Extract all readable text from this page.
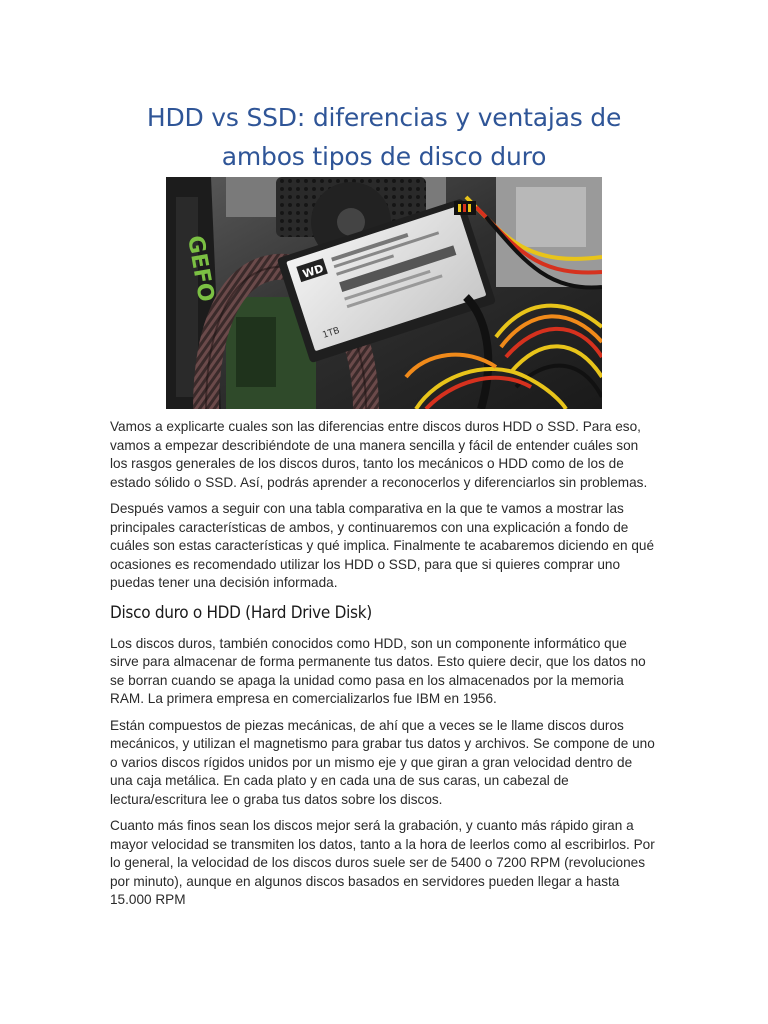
HDD vs SSD: diferencias y ventajas de
ambos tipos de disco duro
GEFO	WD
1TB

Vamos a explicarte cuales son las diferencias entre discos duros HDD o SSD. Para eso, vamos a empezar describiéndote de una manera sencilla y fácil de entender cuáles son los rasgos generales de los discos duros, tanto los mecánicos o HDD como de los de estado sólido o SSD. Así, podrás aprender a reconocerlos y diferenciarlos sin problemas.

Después vamos a seguir con una tabla comparativa en la que te vamos a mostrar las principales características de ambos, y continuaremos con una explicación a fondo de cuáles son estas características y qué implica. Finalmente te acabaremos diciendo en qué ocasiones es recomendado utilizar los HDD o SSD, para que si quieres comprar uno puedas tener una decisión informada.

Disco duro o HDD (Hard Drive Disk)

Los discos duros, también conocidos como HDD, son un componente informático que sirve para almacenar de forma permanente tus datos. Esto quiere decir, que los datos no se borran cuando se apaga la unidad como pasa en los almacenados por la memoria RAM. La primera empresa en comercializarlos fue IBM en 1956.

Están compuestos de piezas mecánicas, de ahí que a veces se le llame discos duros mecánicos, y utilizan el magnetismo para grabar tus datos y archivos. Se compone de uno o varios discos rígidos unidos por un mismo eje y que giran a gran velocidad dentro de una caja metálica. En cada plato y en cada una de sus caras, un cabezal de lectura/escritura lee o graba tus datos sobre los discos.

Cuanto más finos sean los discos mejor será la grabación, y cuanto más rápido giran a mayor velocidad se transmiten los datos, tanto a la hora de leerlos como al escribirlos. Por lo general, la velocidad de los discos duros suele ser de 5400 o 7200 RPM (revoluciones por minuto), aunque en algunos discos basados en servidores pueden llegar a hasta 15.000 RPM
